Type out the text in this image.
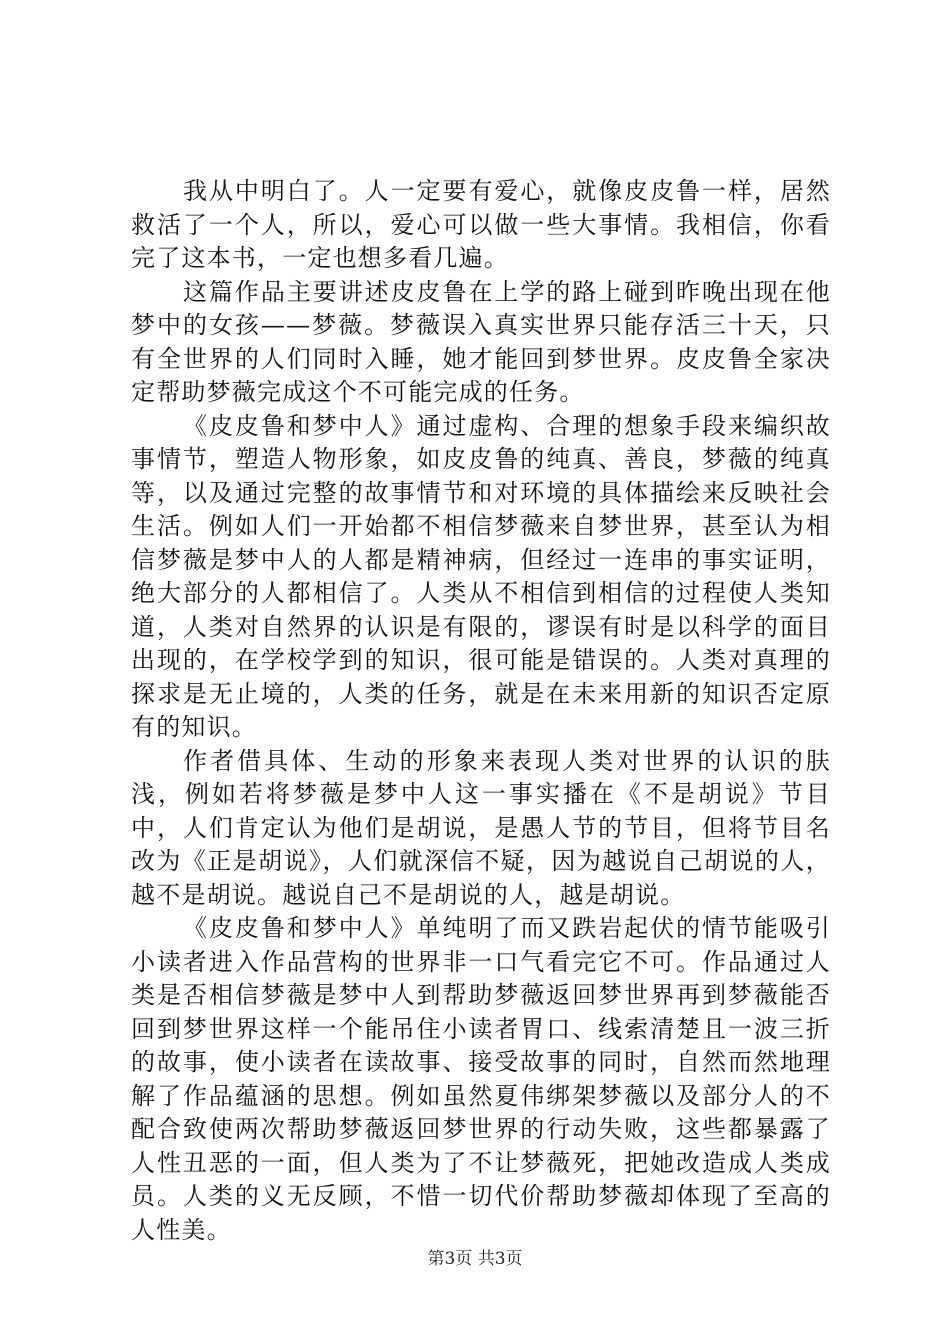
我从中明白了。人一定要有爱心，就像皮皮鲁一样，居然救活了一个人，所以，爱心可以做一些大事情。我相信，你看完了这本书，一定也想多看几遍。

这篇作品主要讲述皮皮鲁在上学的路上碰到昨晚出现在他梦中的女孩——梦薇。梦薇误入真实世界只能存活三十天，只有全世界的人们同时入睡，她才能回到梦世界。皮皮鲁全家决定帮助梦薇完成这个不可能完成的任务。

《皮皮鲁和梦中人》通过虚构、合理的想象手段来编织故事情节，塑造人物形象，如皮皮鲁的纯真、善良，梦薇的纯真等，以及通过完整的故事情节和对环境的具体描绘来反映社会生活。例如人们一开始都不相信梦薇来自梦世界，甚至认为相信梦薇是梦中人的人都是精神病，但经过一连串的事实证明，绝大部分的人都相信了。人类从不相信到相信的过程使人类知道，人类对自然界的认识是有限的，谬误有时是以科学的面目出现的，在学校学到的知识，很可能是错误的。人类对真理的探求是无止境的，人类的任务，就是在未来用新的知识否定原有的知识。

作者借具体、生动的形象来表现人类对世界的认识的肤浅，例如若将梦薇是梦中人这一事实播在《不是胡说》节目中，人们肯定认为他们是胡说，是愚人节的节目，但将节目名改为《正是胡说》，人们就深信不疑，因为越说自己胡说的人，越不是胡说。越说自己不是胡说的人，越是胡说。

《皮皮鲁和梦中人》单纯明了而又跌岩起伏的情节能吸引小读者进入作品营构的世界非一口气看完它不可。作品通过人类是否相信梦薇是梦中人到帮助梦薇返回梦世界再到梦薇能否回到梦世界这样一个能吊住小读者胃口、线索清楚且一波三折的故事，使小读者在读故事、接受故事的同时，自然而然地理解了作品蕴涵的思想。例如虽然夏伟绑架梦薇以及部分人的不配合致使两次帮助梦薇返回梦世界的行动失败，这些都暴露了人性丑恶的一面，但人类为了不让梦薇死，把她改造成人类成员。人类的义无反顾，不惜一切代价帮助梦薇却体现了至高的人性美。

第3页 共3页
